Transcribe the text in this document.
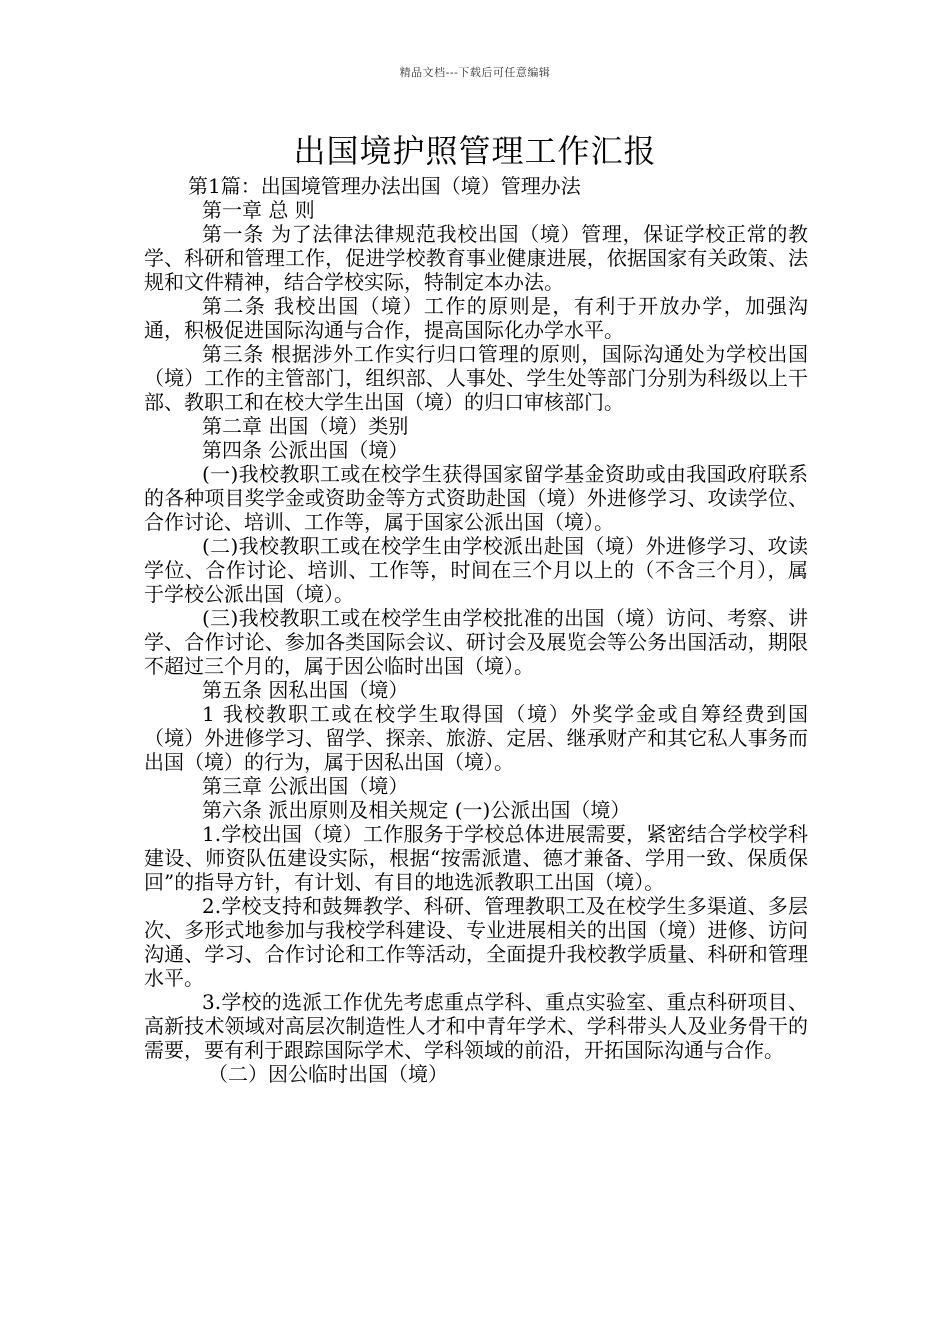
精品文档---下载后可任意编辑
出国境护照管理工作汇报

第1篇：出国境管理办法出国（境）管理办法

第一章 总 则

第一条 为了法律法律规范我校出国（境）管理，保证学校正常的教学、科研和管理工作，促进学校教育事业健康进展，依据国家有关政策、法规和文件精神，结合学校实际，特制定本办法。

第二条 我校出国（境）工作的原则是，有利于开放办学，加强沟通，积极促进国际沟通与合作，提高国际化办学水平。

第三条 根据涉外工作实行归口管理的原则，国际沟通处为学校出国（境）工作的主管部门，组织部、人事处、学生处等部门分别为科级以上干部、教职工和在校大学生出国（境）的归口审核部门。

第二章 出国（境）类别

第四条 公派出国（境）

(一)我校教职工或在校学生获得国家留学基金资助或由我国政府联系的各种项目奖学金或资助金等方式资助赴国（境）外进修学习、攻读学位、合作讨论、培训、工作等，属于国家公派出国（境）。

(二)我校教职工或在校学生由学校派出赴国（境）外进修学习、攻读学位、合作讨论、培训、工作等，时间在三个月以上的（不含三个月），属于学校公派出国（境）。

(三)我校教职工或在校学生由学校批准的出国（境）访问、考察、讲学、合作讨论、参加各类国际会议、研讨会及展览会等公务出国活动，期限不超过三个月的，属于因公临时出国（境）。

第五条 因私出国（境）

1 我校教职工或在校学生取得国（境）外奖学金或自筹经费到国（境）外进修学习、留学、探亲、旅游、定居、继承财产和其它私人事务而出国（境）的行为，属于因私出国（境）。

第三章 公派出国（境）

第六条 派出原则及相关规定 (一)公派出国（境）

1.学校出国（境）工作服务于学校总体进展需要，紧密结合学校学科建设、师资队伍建设实际，根据“按需派遣、德才兼备、学用一致、保质保回”的指导方针，有计划、有目的地选派教职工出国（境）。

2.学校支持和鼓舞教学、科研、管理教职工及在校学生多渠道、多层次、多形式地参加与我校学科建设、专业进展相关的出国（境）进修、访问沟通、学习、合作讨论和工作等活动，全面提升我校教学质量、科研和管理水平。

3.学校的选派工作优先考虑重点学科、重点实验室、重点科研项目、高新技术领域对高层次制造性人才和中青年学术、学科带头人及业务骨干的需要，要有利于跟踪国际学术、学科领域的前沿，开拓国际沟通与合作。

（二）因公临时出国（境）
